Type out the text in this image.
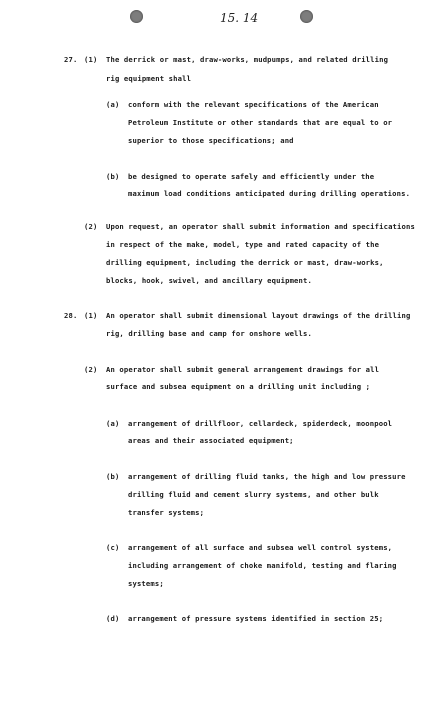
15. 14
27. (1) The derrick or mast, draw-works, mudpumps, and related drilling
rig equipment shall
(a) conform with the relevant specifications of the American
Petroleum Institute or other standards that are equal to or
superior to those specifications; and
(b) be designed to operate safely and efficiently under the
maximum load conditions anticipated during drilling operations.
(2) Upon request, an operator shall submit information and specifications
in respect of the make, model, type and rated capacity of the
drilling equipment, including the derrick or mast, draw-works,
blocks, hook, swivel, and ancillary equipment.
28. (1) An operator shall submit dimensional layout drawings of the drilling
rig, drilling base and camp for onshore wells.
(2) An operator shall submit general arrangement drawings for all
surface and subsea equipment on a drilling unit including ;
(a) arrangement of drillfloor, cellardeck, spiderdeck, moonpool
areas and their associated equipment;
(b) arrangement of drilling fluid tanks, the high and low pressure
drilling fluid and cement slurry systems, and other bulk
transfer systems;
(c) arrangement of all surface and subsea well control systems,
including arrangement of choke manifold, testing and flaring
systems;
(d) arrangement of pressure systems identified in section 25;
